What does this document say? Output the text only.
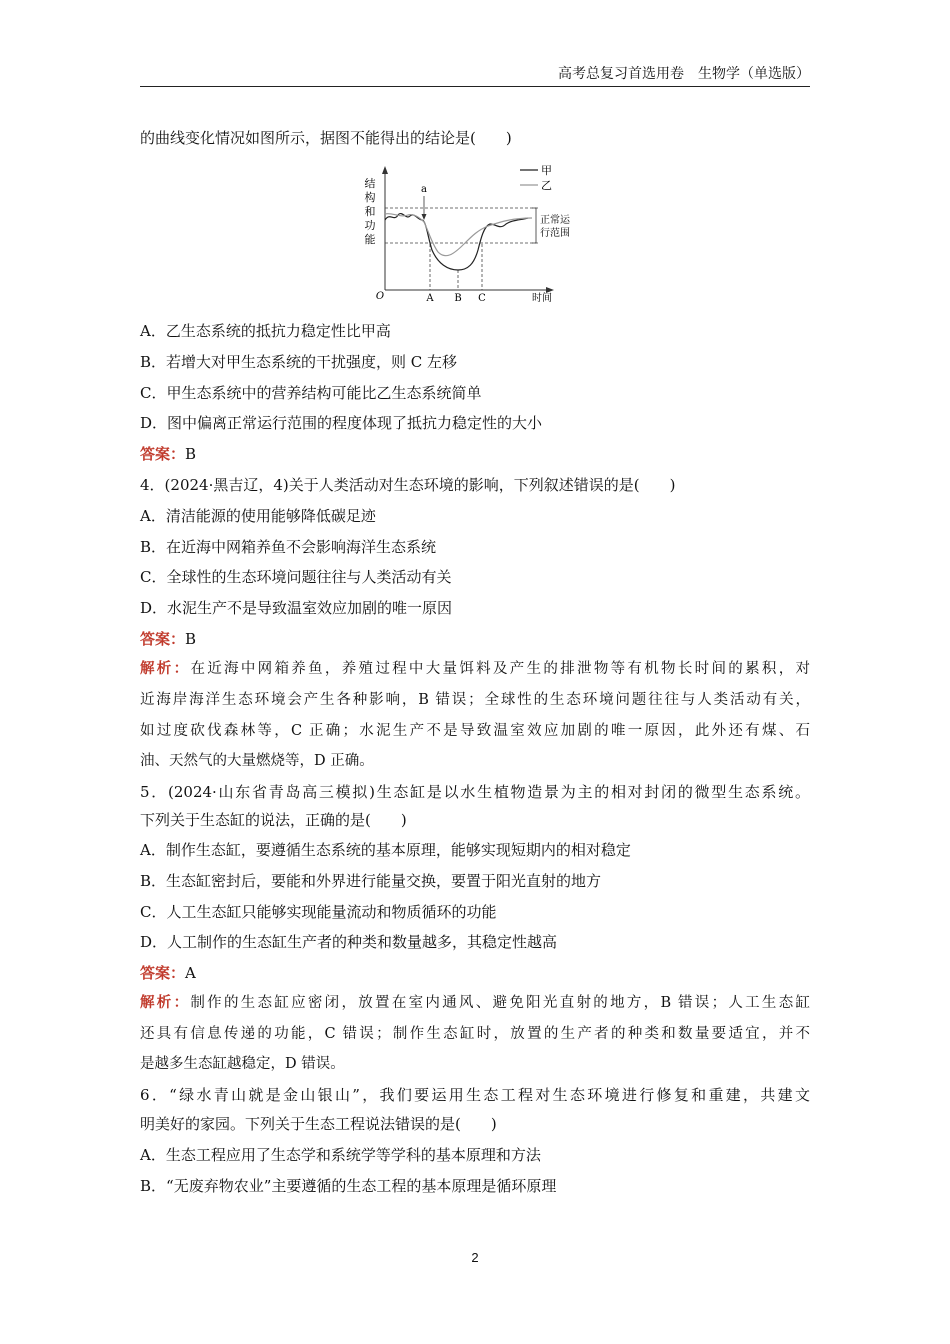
高考总复习首选用卷　生物学（单选版）
的曲线变化情况如图所示，据图不能得出的结论是(　　)
结
构
和
功
能
O	时间
正常运
行范围
A B C
a
甲
乙
A．乙生态系统的抵抗力稳定性比甲高
B．若增大对甲生态系统的干扰强度，则 C 左移
C．甲生态系统中的营养结构可能比乙生态系统简单
D．图中偏离正常运行范围的程度体现了抵抗力稳定性的大小
答案：B
4．(2024·黑吉辽，4)关于人类活动对生态环境的影响，下列叙述错误的是(　　)
A．清洁能源的使用能够降低碳足迹
B．在近海中网箱养鱼不会影响海洋生态系统
C．全球性的生态环境问题往往与人类活动有关
D．水泥生产不是导致温室效应加剧的唯一原因
答案：B
解析：在近海中网箱养鱼，养殖过程中大量饵料及产生的排泄物等有机物长时间的累积，对
近海岸海洋生态环境会产生各种影响，B 错误；全球性的生态环境问题往往与人类活动有关，
如过度砍伐森林等，C 正确；水泥生产不是导致温室效应加剧的唯一原因，此外还有煤、石
油、天然气的大量燃烧等，D 正确。
5．(2024·山东省青岛高三模拟)生态缸是以水生植物造景为主的相对封闭的微型生态系统。
下列关于生态缸的说法，正确的是(　　)
A．制作生态缸，要遵循生态系统的基本原理，能够实现短期内的相对稳定
B．生态缸密封后，要能和外界进行能量交换，要置于阳光直射的地方
C．人工生态缸只能够实现能量流动和物质循环的功能
D．人工制作的生态缸生产者的种类和数量越多，其稳定性越高
答案：A
解析：制作的生态缸应密闭，放置在室内通风、避免阳光直射的地方，B 错误；人工生态缸
还具有信息传递的功能，C 错误；制作生态缸时，放置的生产者的种类和数量要适宜，并不
是越多生态缸越稳定，D 错误。
6．“绿水青山就是金山银山”，我们要运用生态工程对生态环境进行修复和重建，共建文
明美好的家园。下列关于生态工程说法错误的是(　　)
A．生态工程应用了生态学和系统学等学科的基本原理和方法
B．“无废弃物农业”主要遵循的生态工程的基本原理是循环原理
2
